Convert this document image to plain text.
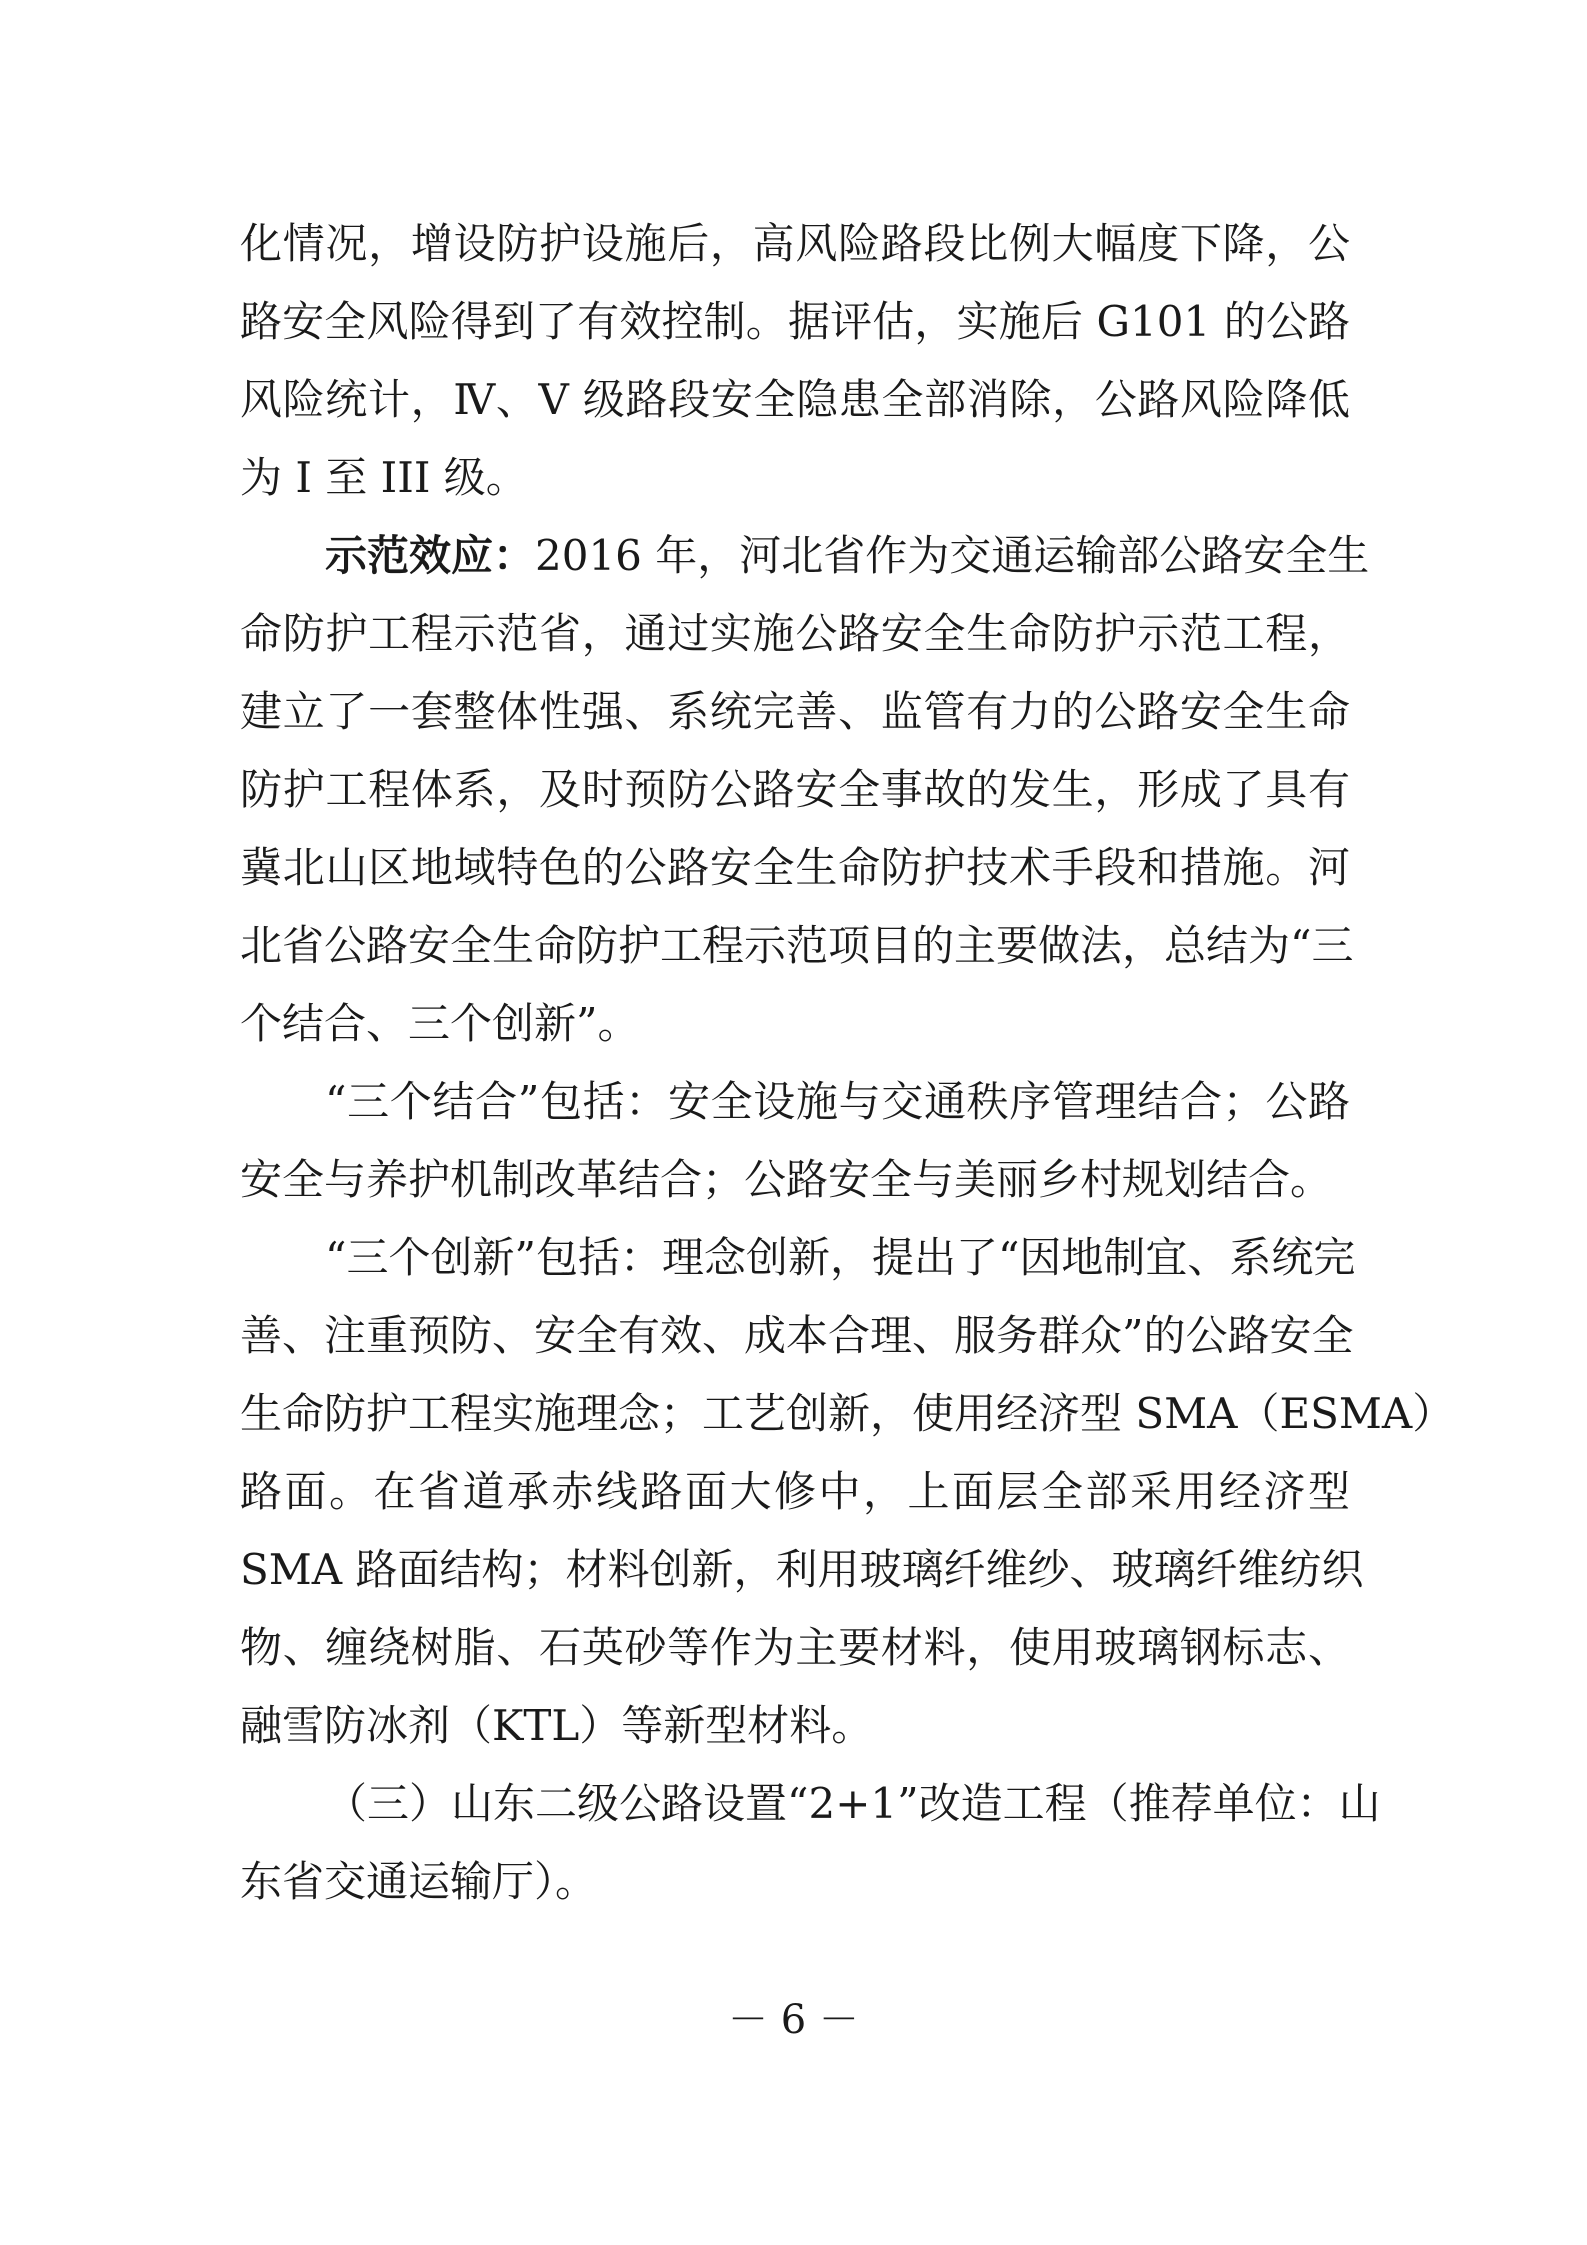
化情况，增设防护设施后，高风险路段比例大幅度下降，公
路安全风险得到了有效控制。据评估，实施后 G101 的公路
风险统计，Ⅳ、V 级路段安全隐患全部消除，公路风险降低
为 I 至 III 级。
示范效应：2016 年，河北省作为交通运输部公路安全生
命防护工程示范省，通过实施公路安全生命防护示范工程，
建立了一套整体性强、系统完善、监管有力的公路安全生命
防护工程体系，及时预防公路安全事故的发生，形成了具有
冀北山区地域特色的公路安全生命防护技术手段和措施。河
北省公路安全生命防护工程示范项目的主要做法，总结为“三
个结合、三个创新”。
“三个结合”包括：安全设施与交通秩序管理结合；公路
安全与养护机制改革结合；公路安全与美丽乡村规划结合。
“三个创新”包括：理念创新，提出了“因地制宜、系统完
善、注重预防、安全有效、成本合理、服务群众”的公路安全
生命防护工程实施理念；工艺创新，使用经济型 SMA（ESMA）
路面。在省道承赤线路面大修中，上面层全部采用经济型
SMA 路面结构；材料创新，利用玻璃纤维纱、玻璃纤维纺织
物、缠绕树脂、石英砂等作为主要材料，使用玻璃钢标志、
融雪防冰剂（KTL）等新型材料。
（三）山东二级公路设置“2+1”改造工程（推荐单位：山
东省交通运输厅）。
－ 6 －
